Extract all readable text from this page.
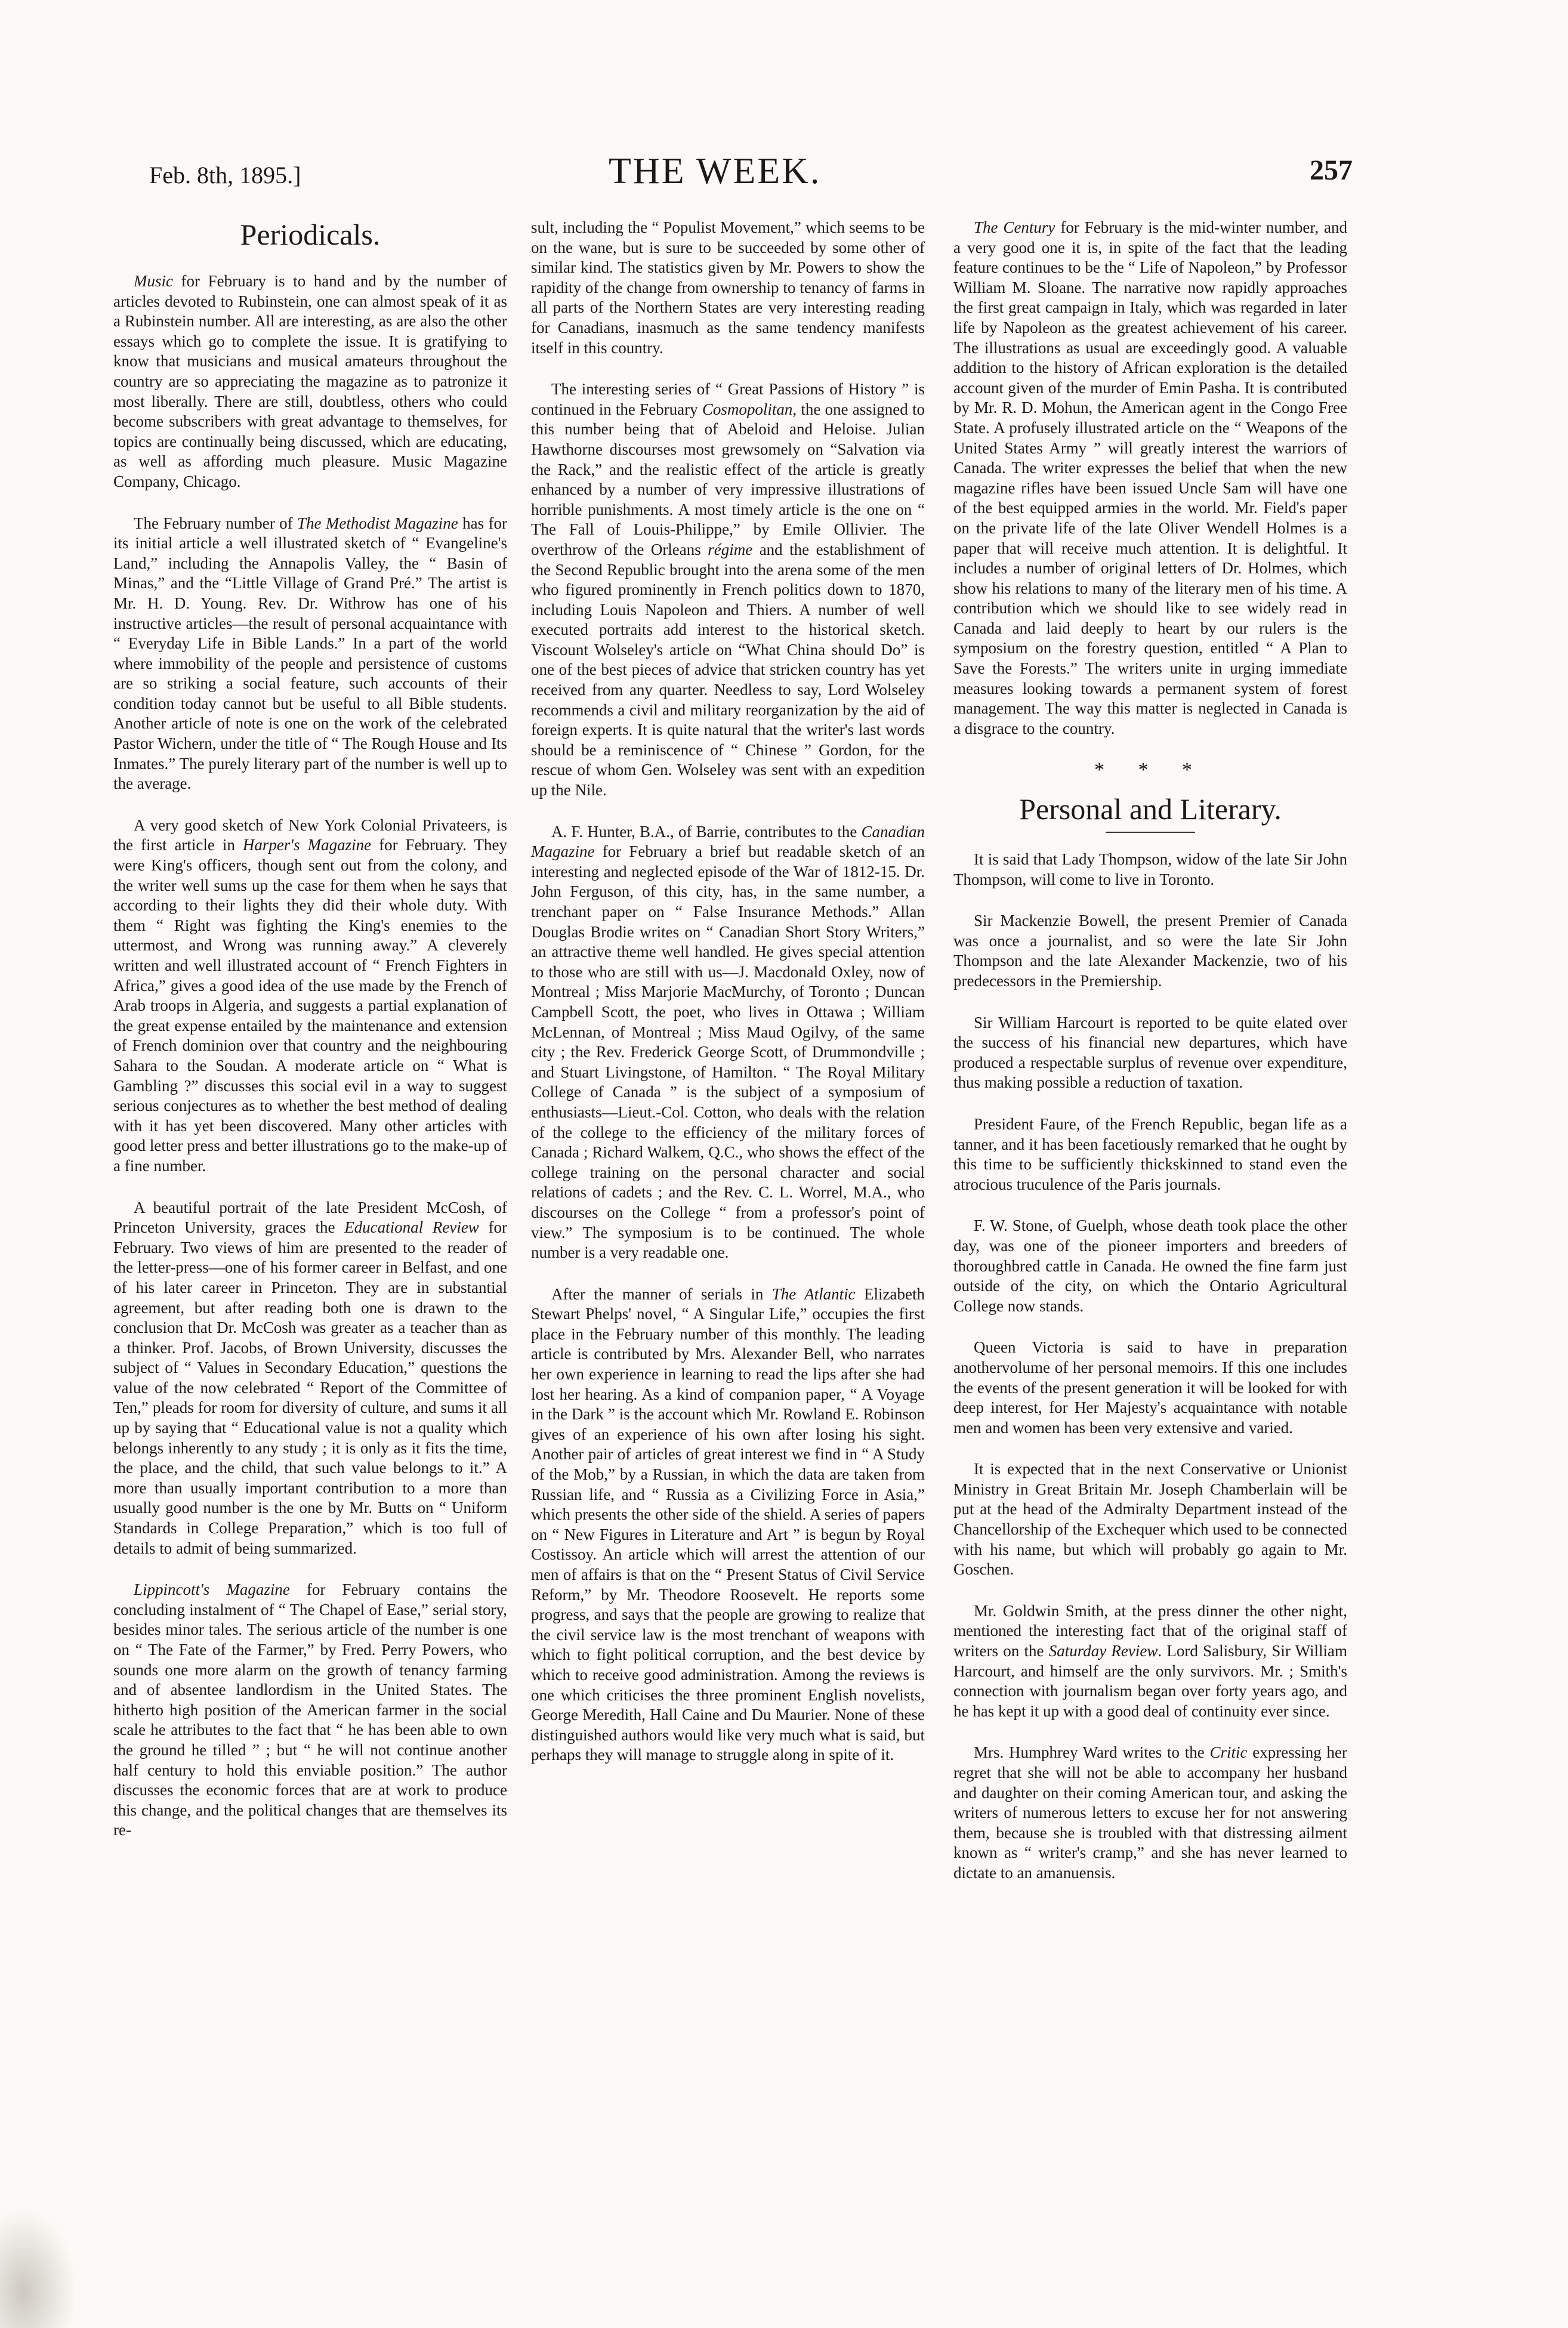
Feb. 8th, 1895.]	THE WEEK.	257
Periodicals.

Music for February is to hand and by the number of articles devoted to Rubinstein, one can almost speak of it as a Rubinstein number. All are interesting, as are also the other essays which go to complete the issue. It is gratifying to know that musicians and musical amateurs throughout the country are so appreciating the magazine as to patronize it most liberally. There are still, doubtless, others who could become subscribers with great advantage to themselves, for topics are continually being discussed, which are educating, as well as affording much pleasure. Music Magazine Company, Chicago.

The February number of The Methodist Magazine has for its initial article a well illustrated sketch of “ Evangeline's Land,” including the Annapolis Valley, the “ Basin of Minas,” and the “Little Village of Grand Pré.” The artist is Mr. H. D. Young. Rev. Dr. Withrow has one of his instructive articles—the result of personal acquaintance with “ Everyday Life in Bible Lands.” In a part of the world where immobility of the people and persistence of customs are so striking a social feature, such accounts of their condition today cannot but be useful to all Bible students. Another article of note is one on the work of the celebrated Pastor Wichern, under the title of “ The Rough House and Its Inmates.” The purely literary part of the number is well up to the average.

A very good sketch of New York Colonial Privateers, is the first article in Harper's Magazine for February. They were King's officers, though sent out from the colony, and the writer well sums up the case for them when he says that according to their lights they did their whole duty. With them “ Right was fighting the King's enemies to the uttermost, and Wrong was running away.” A cleverely written and well illustrated account of “ French Fighters in Africa,” gives a good idea of the use made by the French of Arab troops in Algeria, and suggests a partial explanation of the great expense entailed by the maintenance and extension of French dominion over that country and the neighbouring Sahara to the Soudan. A moderate article on “ What is Gambling ?” discusses this social evil in a way to suggest serious conjectures as to whether the best method of dealing with it has yet been discovered. Many other articles with good letter press and better illustrations go to the make-up of a fine number.

A beautiful portrait of the late President McCosh, of Princeton University, graces the Educational Review for February. Two views of him are presented to the reader of the letter-press—one of his former career in Belfast, and one of his later career in Princeton. They are in substantial agreement, but after reading both one is drawn to the conclusion that Dr. McCosh was greater as a teacher than as a thinker. Prof. Jacobs, of Brown University, discusses the subject of “ Values in Secondary Education,” questions the value of the now celebrated “ Report of the Committee of Ten,” pleads for room for diversity of culture, and sums it all up by saying that “ Educational value is not a quality which belongs inherently to any study ; it is only as it fits the time, the place, and the child, that such value belongs to it.” A more than usually important contribution to a more than usually good number is the one by Mr. Butts on “ Uniform Standards in College Preparation,” which is too full of details to admit of being summarized.

Lippincott's Magazine for February contains the concluding instalment of “ The Chapel of Ease,” serial story, besides minor tales. The serious article of the number is one on “ The Fate of the Farmer,” by Fred. Perry Powers, who sounds one more alarm on the growth of tenancy farming and of absentee landlordism in the United States. The hitherto high position of the American farmer in the social scale he attributes to the fact that “ he has been able to own the ground he tilled ” ; but “ he will not continue another half century to hold this enviable position.” The author discusses the economic forces that are at work to produce this change, and the political changes that are themselves its re-

sult, including the “ Populist Movement,” which seems to be on the wane, but is sure to be succeeded by some other of similar kind. The statistics given by Mr. Powers to show the rapidity of the change from ownership to tenancy of farms in all parts of the Northern States are very interesting reading for Canadians, inasmuch as the same tendency manifests itself in this country.

The interesting series of “ Great Passions of History ” is continued in the February Cosmopolitan, the one assigned to this number being that of Abeloid and Heloise. Julian Hawthorne discourses most grewsomely on “Salvation via the Rack,” and the realistic effect of the article is greatly enhanced by a number of very impressive illustrations of horrible punishments. A most timely article is the one on “ The Fall of Louis-Philippe,” by Emile Ollivier. The overthrow of the Orleans régime and the establishment of the Second Republic brought into the arena some of the men who figured prominently in French politics down to 1870, including Louis Napoleon and Thiers. A number of well executed portraits add interest to the historical sketch. Viscount Wolseley's article on “What China should Do” is one of the best pieces of advice that stricken country has yet received from any quarter. Needless to say, Lord Wolseley recommends a civil and military reorganization by the aid of foreign experts. It is quite natural that the writer's last words should be a reminiscence of “ Chinese ” Gordon, for the rescue of whom Gen. Wolseley was sent with an expedition up the Nile.

A. F. Hunter, B.A., of Barrie, contributes to the Canadian Magazine for February a brief but readable sketch of an interesting and neglected episode of the War of 1812-15. Dr. John Ferguson, of this city, has, in the same number, a trenchant paper on “ False Insurance Methods.” Allan Douglas Brodie writes on “ Canadian Short Story Writers,” an attractive theme well handled. He gives special attention to those who are still with us—J. Macdonald Oxley, now of Montreal ; Miss Marjorie MacMurchy, of Toronto ; Duncan Campbell Scott, the poet, who lives in Ottawa ; William McLennan, of Montreal ; Miss Maud Ogilvy, of the same city ; the Rev. Frederick George Scott, of Drummondville ; and Stuart Livingstone, of Hamilton. “ The Royal Military College of Canada ” is the subject of a symposium of enthusiasts—Lieut.-Col. Cotton, who deals with the relation of the college to the efficiency of the military forces of Canada ; Richard Walkem, Q.C., who shows the effect of the college training on the personal character and social relations of cadets ; and the Rev. C. L. Worrel, M.A., who discourses on the College “ from a professor's point of view.” The symposium is to be continued. The whole number is a very readable one.

After the manner of serials in The Atlantic Elizabeth Stewart Phelps' novel, “ A Singular Life,” occupies the first place in the February number of this monthly. The leading article is contributed by Mrs. Alexander Bell, who narrates her own experience in learning to read the lips after she had lost her hearing. As a kind of companion paper, “ A Voyage in the Dark ” is the account which Mr. Rowland E. Robinson gives of an experience of his own after losing his sight. Another pair of articles of great interest we find in “ A Study of the Mob,” by a Russian, in which the data are taken from Russian life, and “ Russia as a Civilizing Force in Asia,” which presents the other side of the shield. A series of papers on “ New Figures in Literature and Art ” is begun by Royal Costissoy. An article which will arrest the attention of our men of affairs is that on the “ Present Status of Civil Service Reform,” by Mr. Theodore Roosevelt. He reports some progress, and says that the people are growing to realize that the civil service law is the most trenchant of weapons with which to fight political corruption, and the best device by which to receive good administration. Among the reviews is one which criticises the three prominent English novelists, George Meredith, Hall Caine and Du Maurier. None of these distinguished authors would like very much what is said, but perhaps they will manage to struggle along in spite of it.

The Century for February is the mid-winter number, and a very good one it is, in spite of the fact that the leading feature continues to be the “ Life of Napoleon,” by Professor William M. Sloane. The narrative now rapidly approaches the first great campaign in Italy, which was regarded in later life by Napoleon as the greatest achievement of his career. The illustrations as usual are exceedingly good. A valuable addition to the history of African exploration is the detailed account given of the murder of Emin Pasha. It is contributed by Mr. R. D. Mohun, the American agent in the Congo Free State. A profusely illustrated article on the “ Weapons of the United States Army ” will greatly interest the warriors of Canada. The writer expresses the belief that when the new magazine rifles have been issued Uncle Sam will have one of the best equipped armies in the world. Mr. Field's paper on the private life of the late Oliver Wendell Holmes is a paper that will receive much attention. It is delightful. It includes a number of original letters of Dr. Holmes, which show his relations to many of the literary men of his time. A contribution which we should like to see widely read in Canada and laid deeply to heart by our rulers is the symposium on the forestry question, entitled “ A Plan to Save the Forests.” The writers unite in urging immediate measures looking towards a permanent system of forest management. The way this matter is neglected in Canada is a disgrace to the country.

* * *
Personal and Literary.

It is said that Lady Thompson, widow of the late Sir John Thompson, will come to live in Toronto.

Sir Mackenzie Bowell, the present Premier of Canada was once a journalist, and so were the late Sir John Thompson and the late Alexander Mackenzie, two of his predecessors in the Premiership.

Sir William Harcourt is reported to be quite elated over the success of his financial new departures, which have produced a respectable surplus of revenue over expenditure, thus making possible a reduction of taxation.

President Faure, of the French Republic, began life as a tanner, and it has been facetiously remarked that he ought by this time to be sufficiently thickskinned to stand even the atrocious truculence of the Paris journals.

F. W. Stone, of Guelph, whose death took place the other day, was one of the pioneer importers and breeders of thoroughbred cattle in Canada. He owned the fine farm just outside of the city, on which the Ontario Agricultural College now stands.

Queen Victoria is said to have in preparation anothervolume of her personal memoirs. If this one includes the events of the present generation it will be looked for with deep interest, for Her Majesty's acquaintance with notable men and women has been very extensive and varied.

It is expected that in the next Conservative or Unionist Ministry in Great Britain Mr. Joseph Chamberlain will be put at the head of the Admiralty Department instead of the Chancellorship of the Exchequer which used to be connected with his name, but which will probably go again to Mr. Goschen.

Mr. Goldwin Smith, at the press dinner the other night, mentioned the interesting fact that of the original staff of writers on the Saturday Review. Lord Salisbury, Sir William Harcourt, and himself are the only survivors. Mr. ; Smith's connection with journalism began over forty years ago, and he has kept it up with a good deal of continuity ever since.

Mrs. Humphrey Ward writes to the Critic expressing her regret that she will not be able to accompany her husband and daughter on their coming American tour, and asking the writers of numerous letters to excuse her for not answering them, because she is troubled with that distressing ailment known as “ writer's cramp,” and she has never learned to dictate to an amanuensis.
